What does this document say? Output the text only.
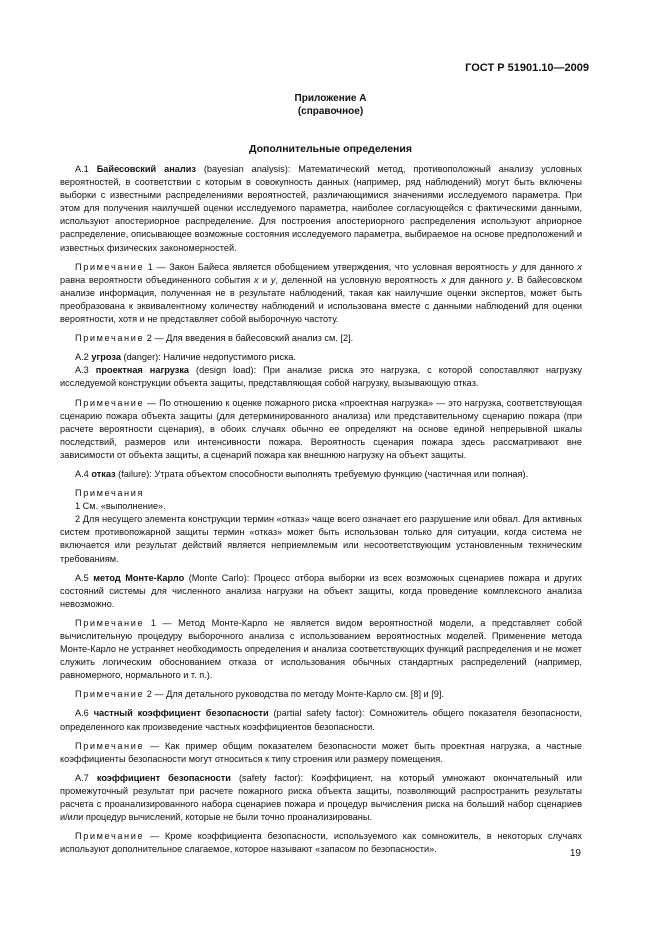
ГОСТ Р 51901.10—2009
Приложение А
(справочное)
Дополнительные определения

А.1 Байесовский анализ (bayesian analysis): Математический метод, противоположный анализу условных вероятностей, в соответствии с которым в совокупность данных (например, ряд наблюдений) могут быть включены выборки с известными распределениями вероятностей, различающимися значениями исследуемого параметра. При этом для получения наилучшей оценки исследуемого параметра, наиболее согласующейся с фактическими данными, используют апостериорное распределение. Для построения апостериорного распределения используют априорное распределение, описывающее возможные состояния исследуемого параметра, выбираемое на основе предположений и известных физических закономерностей.

Примечание 1 — Закон Байеса является обобщением утверждения, что условная вероятность у для данного х равна вероятности объединенного события х и у, деленной на условную вероятность х для данного у. В байесовском анализе информация, полученная не в результате наблюдений, такая как наилучшие оценки экспертов, может быть преобразована к эквивалентному количеству наблюдений и использована вместе с данными наблюдений для оценки вероятности, хотя и не представляет собой выборочную частоту.

Примечание 2 — Для введения в байесовский анализ см. [2].

А.2 угроза (danger): Наличие недопустимого риска.

А.3 проектная нагрузка (design load): При анализе риска это нагрузка, с которой сопоставляют нагрузку исследуемой конструкции объекта защиты, представляющая собой нагрузку, вызывающую отказ.

Примечание — По отношению к оценке пожарного риска «проектная нагрузка» — это нагрузка, соответствующая сценарию пожара объекта защиты (для детерминированного анализа) или представительному сценарию пожара (при расчете вероятности сценария), в обоих случаях обычно ее определяют на основе единой непрерывной шкалы последствий, размеров или интенсивности пожара. Вероятность сценария пожара здесь рассматривают вне зависимости от объекта защиты, а сценарий пожара как внешнюю нагрузку на объект защиты.

А.4 отказ (failure): Утрата объектом способности выполнять требуемую функцию (частичная или полная).

Примечания

1 См. «выполнение».

2 Для несущего элемента конструкции термин «отказ» чаще всего означает его разрушение или обвал. Для активных систем противопожарной защиты термин «отказ» может быть использован только для ситуации, когда система не включается или результат действий является неприемлемым или несоответствующим установленным техническим требованиям.

А.5 метод Монте-Карло (Monte Carlo): Процесс отбора выборки из всех возможных сценариев пожара и других состояний системы для численного анализа нагрузки на объект защиты, когда проведение комплексного анализа невозможно.

Примечание 1 — Метод Монте-Карло не является видом вероятностной модели, а представляет собой вычислительную процедуру выборочного анализа с использованием вероятностных моделей. Применение метода Монте-Карло не устраняет необходимость определения и анализа соответствующих функций распределения и не может служить логическим обоснованием отказа от использования обычных стандартных распределений (например, равномерного, нормального и т. п.).

Примечание 2 — Для детального руководства по методу Монте-Карло см. [8] и [9].

А.6 частный коэффициент безопасности (partial safety factor): Сомножитель общего показателя безопасности, определенного как произведение частных коэффициентов безопасности.

Примечание — Как пример общим показателем безопасности может быть проектная нагрузка, а частные коэффициенты безопасности могут относиться к типу строения или размеру помещения.

А.7 коэффициент безопасности (safety factor): Коэффициент, на который умножают окончательный или промежуточный результат при расчете пожарного риска объекта защиты, позволяющий распространить результаты расчета с проанализированного набора сценариев пожара и процедур вычисления риска на больший набор сценариев и/или процедур вычислений, которые не были точно проанализированы.

Примечание — Кроме коэффициента безопасности, используемого как сомножитель, в некоторых случаях используют дополнительное слагаемое, которое называют «запасом по безопасности».	19
